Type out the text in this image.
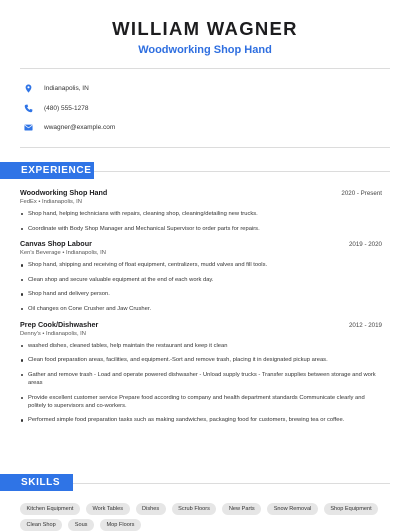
WILLIAM WAGNER
Woodworking Shop Hand
Indianapolis, IN
(480) 555-1278
wwagner@example.com
EXPERIENCE
Woodworking Shop Hand	2020 - Present
FedEx • Indianapolis, IN
Shop hand, helping technicians with repairs, cleaning shop, cleaning/detailing new trucks.
Coordinate with Body Shop Manager and Mechanical Supervisor to order parts for repairs.
Canvas Shop Labour	2019 - 2020
Ken's Beverage • Indianapolis, IN
Shop hand, shipping and receiving of float equipment, centralizers, mudd valves and fill tools.
Clean shop and secure valuable equipment at the end of each work day.
Shop hand and delivery person.
Oil changes on Cone Crusher and Jaw Crusher.
Prep Cook/Dishwasher	2012 - 2019
Denny's • Indianapolis, IN
washed dishes, cleaned tables, help maintain the restaurant and keep it clean
Clean food preparation areas, facilities, and equipment.-Sort and remove trash, placing it in designated pickup areas.
Gather and remove trash - Load and operate powered dishwasher - Unload supply trucks - Transfer supplies between storage and work areas
Provide excellent customer service Prepare food according to company and health department standards Communicate clearly and politely to supervisors and co-workers.
Performed simple food preparation tasks such as making sandwiches, packaging food for customers, brewing tea or coffee.
SKILLS
Kitchen Equipment	Work Tables	Dishes	Scrub Floors	New Parts	Snow Removal	Shop Equipment
Clean Shop	Sous	Mop Floors
